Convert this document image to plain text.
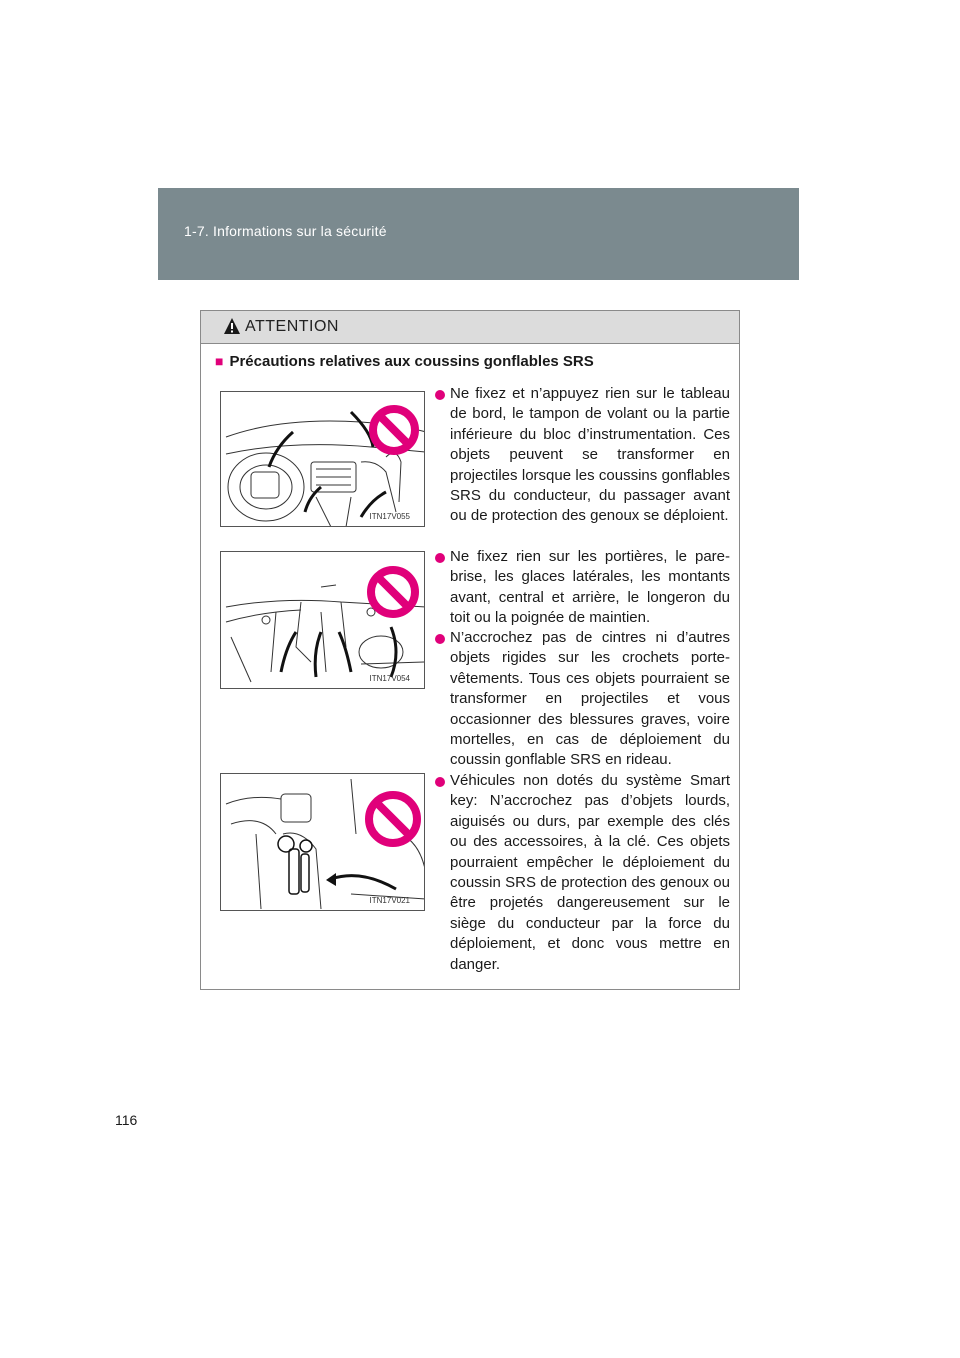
1-7. Informations sur la sécurité
ATTENTION
■ Précautions relatives aux coussins gonflables SRS
ITN17V055
ITN17V054
ITN17V021
Ne fixez et n’appuyez rien sur le tableau de bord, le tampon de volant ou la partie inférieure du bloc d’instrumentation. Ces objets peuvent se transformer en projectiles lorsque les coussins gonflables SRS du conducteur, du passager avant ou de protection des genoux se déploient.
Ne fixez rien sur les portières, le pare-brise, les glaces latérales, les montants avant, central et arrière, le longeron du toit ou la poignée de maintien.
N’accrochez pas de cintres ni d’autres objets rigides sur les crochets porte-vêtements. Tous ces objets pourraient se transformer en projectiles et vous occasionner des blessures graves, voire mortelles, en cas de déploiement du coussin gonflable SRS en rideau.
Véhicules non dotés du système Smart key: N’accrochez pas d’objets lourds, aiguisés ou durs, par exemple des clés ou des accessoires, à la clé. Ces objets pourraient empêcher le déploiement du coussin SRS de protection des genoux ou être projetés dangereusement sur le siège du conducteur par la force du déploiement, et donc vous mettre en danger.
116
